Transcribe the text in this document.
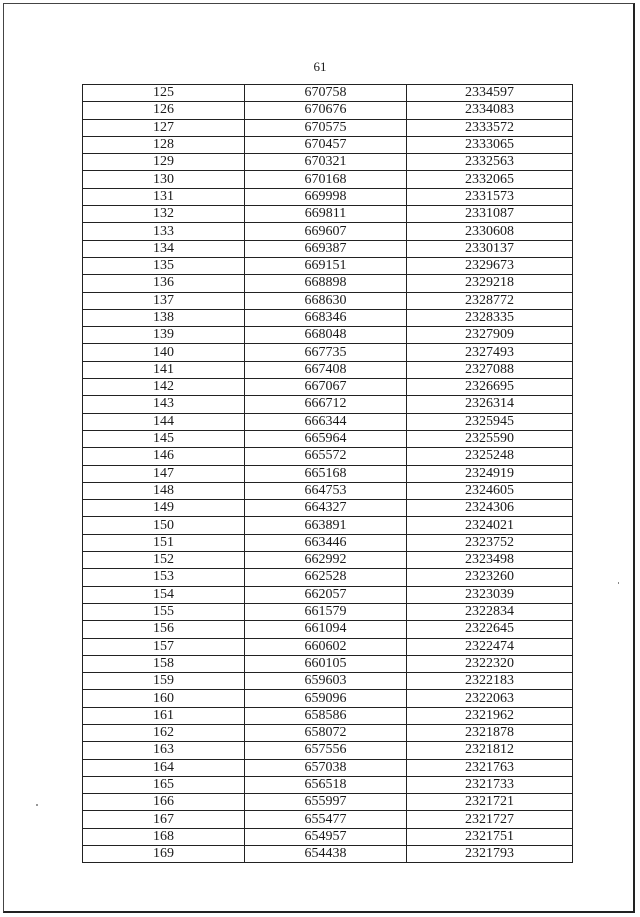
61
125	670758	2334597
126	670676	2334083
127	670575	2333572
128	670457	2333065
129	670321	2332563
130	670168	2332065
131	669998	2331573
132	669811	2331087
133	669607	2330608
134	669387	2330137
135	669151	2329673
136	668898	2329218
137	668630	2328772
138	668346	2328335
139	668048	2327909
140	667735	2327493
141	667408	2327088
142	667067	2326695
143	666712	2326314
144	666344	2325945
145	665964	2325590
146	665572	2325248
147	665168	2324919
148	664753	2324605
149	664327	2324306
150	663891	2324021
151	663446	2323752
152	662992	2323498
153	662528	2323260
154	662057	2323039
155	661579	2322834
156	661094	2322645
157	660602	2322474
158	660105	2322320
159	659603	2322183
160	659096	2322063
161	658586	2321962
162	658072	2321878
163	657556	2321812
164	657038	2321763
165	656518	2321733
166	655997	2321721
167	655477	2321727
168	654957	2321751
169	654438	2321793
